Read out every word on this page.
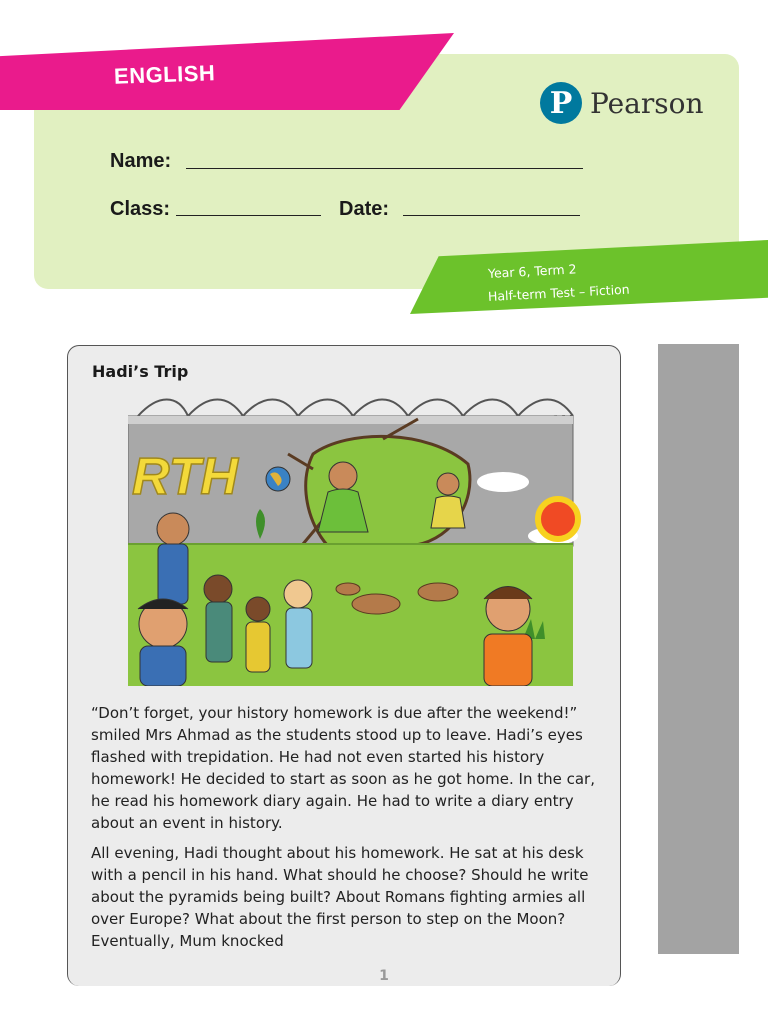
ENGLISH
P Pearson
Name:
Class:	Date:
Year 6, Term 2
Half-term Test – Fiction
Hadi’s Trip
RTH

“Don’t forget, your history homework is due after the weekend!” smiled Mrs Ahmad as the students stood up to leave. Hadi’s eyes flashed with trepidation. He had not even started his history homework! He decided to start as soon as he got home. In the car, he read his homework diary again. He had to write a diary entry about an event in history.

All evening, Hadi thought about his homework. He sat at his desk with a pencil in his hand. What should he choose? Should he write about the pyramids being built? About Romans fighting armies all over Europe? What about the first person to step on the Moon? Eventually, Mum knocked

1
